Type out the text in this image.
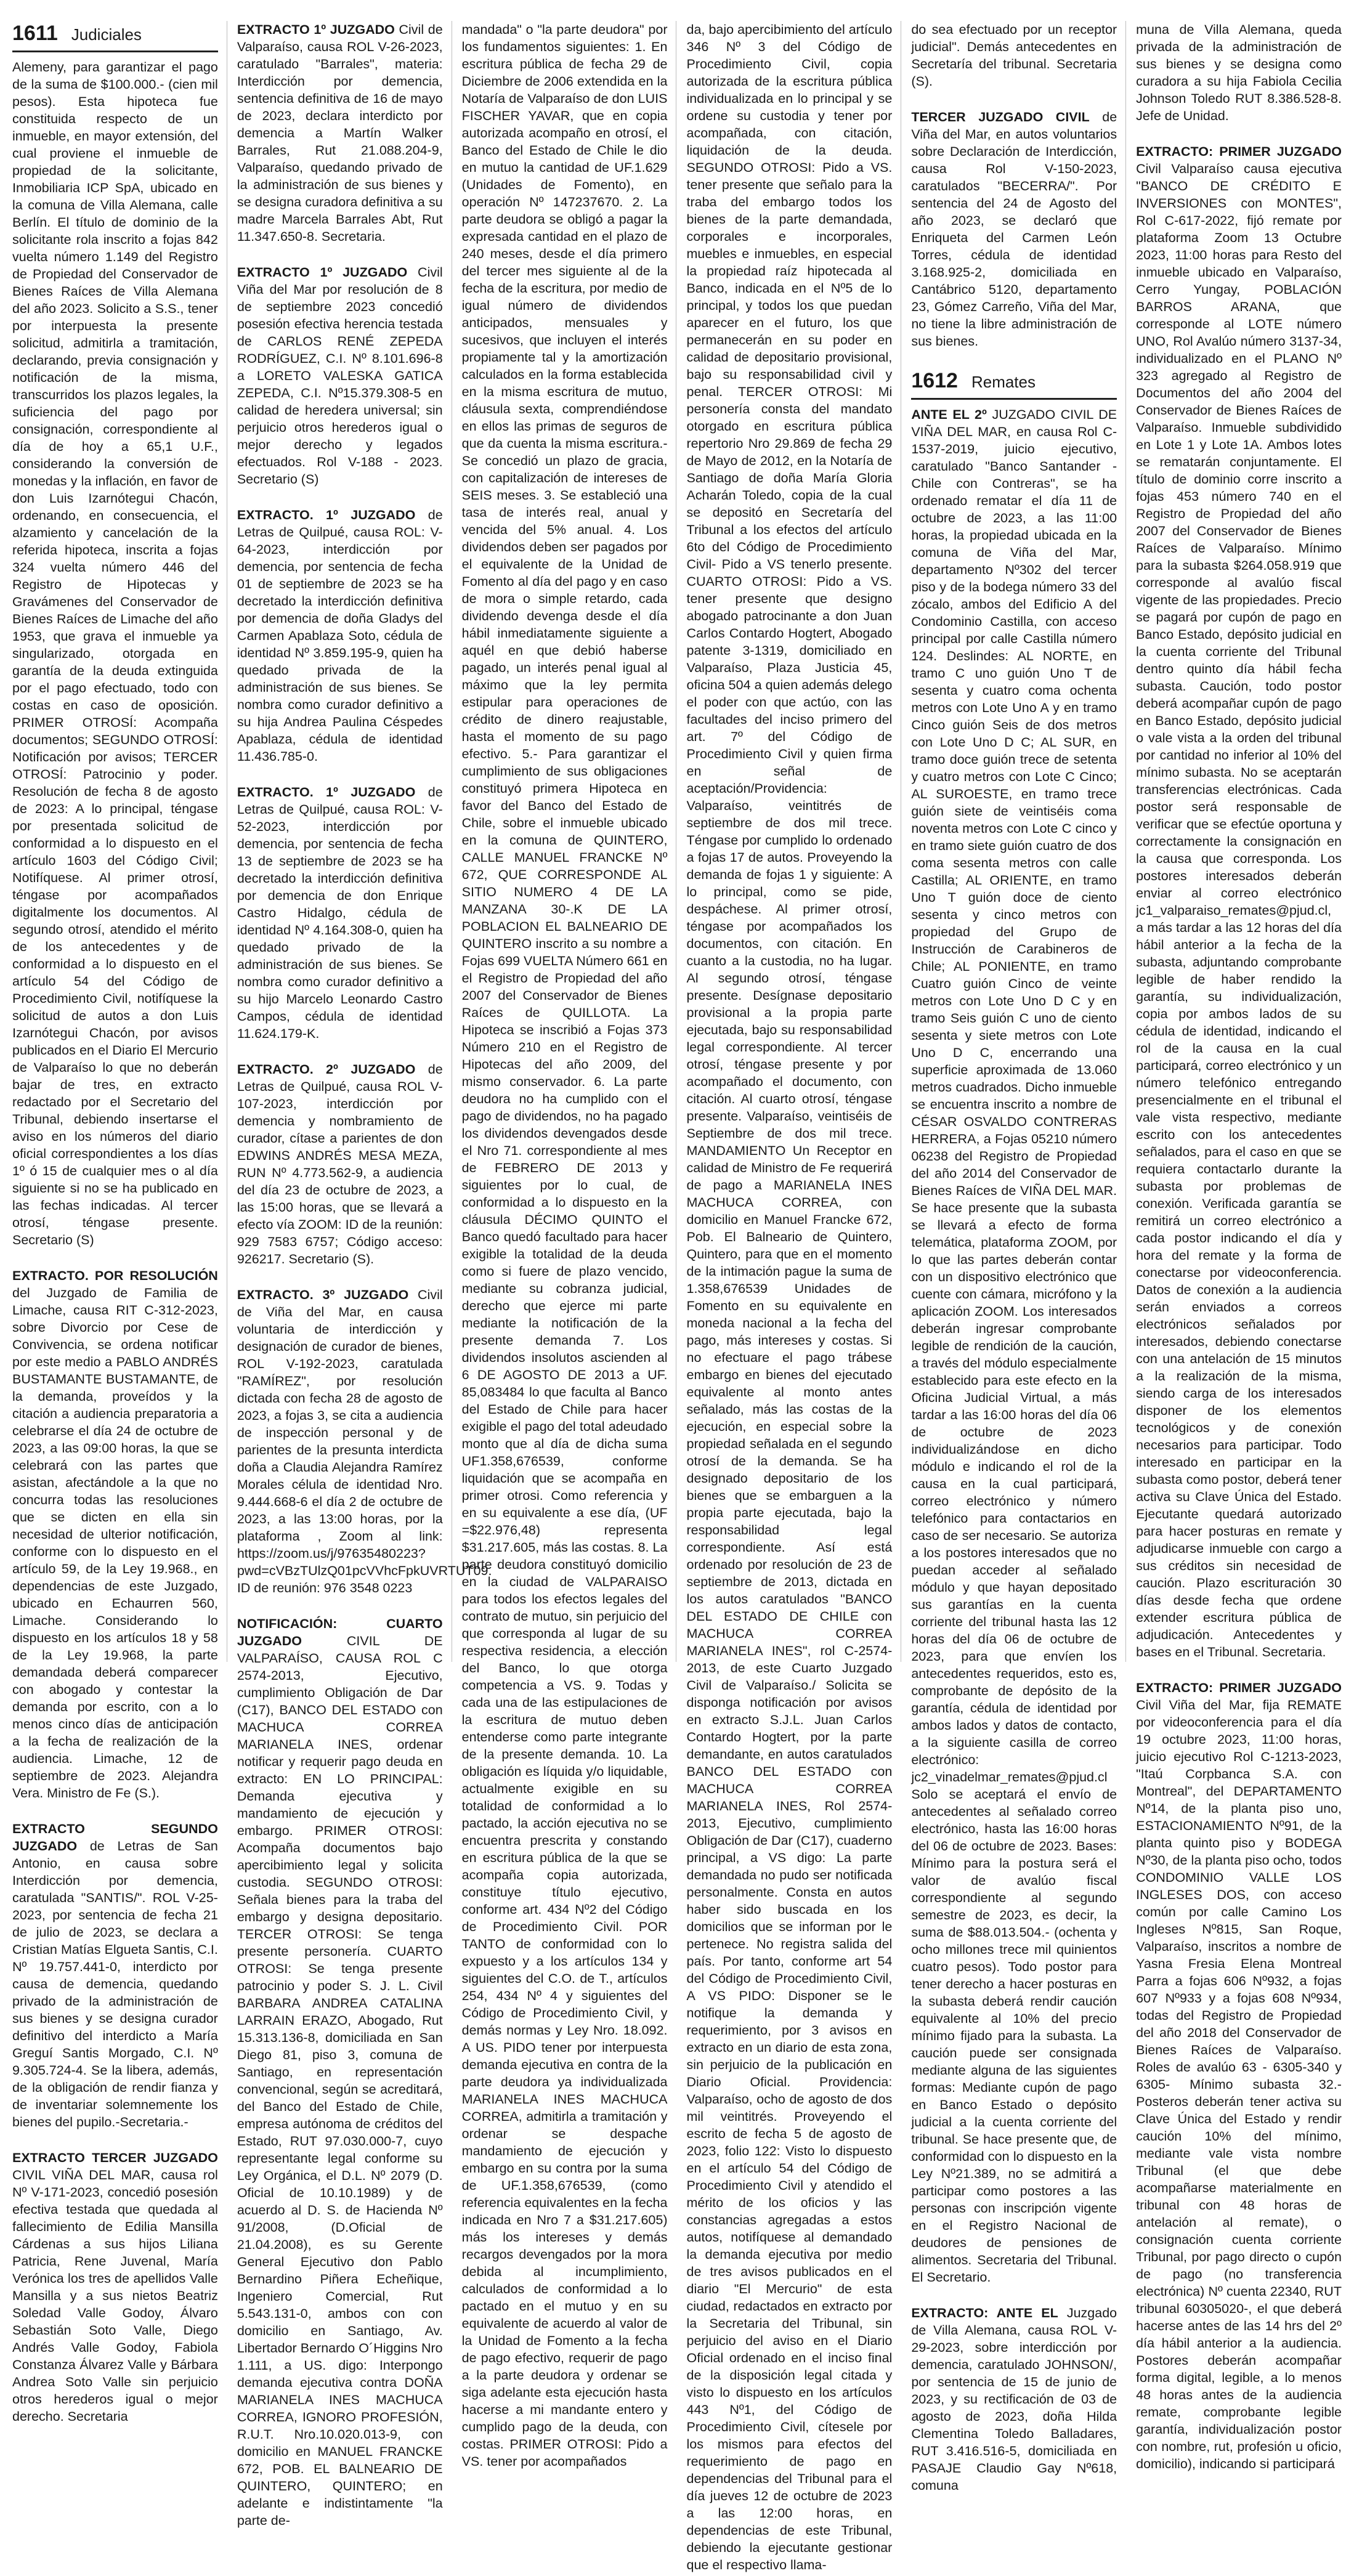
1611 Judiciales

Alemeny, para garantizar el pago de la suma de $100.000.- (cien mil pesos). Esta hipoteca fue constituida respecto de un inmueble, en mayor extensión, del cual proviene el inmueble de propiedad de la solicitante, Inmobiliaria ICP SpA, ubicado en la comuna de Villa Alemana, calle Berlín. El título de dominio de la solicitante rola inscrito a fojas 842 vuelta número 1.149 del Registro de Propiedad del Conservador de Bienes Raíces de Villa Alemana del año 2023. Solicito a S.S., tener por interpuesta la presente solicitud, admitirla a tramitación, declarando, previa consignación y notificación de la misma, transcurridos los plazos legales, la suficiencia del pago por consignación, correspondiente al día de hoy a 65,1 U.F., considerando la conversión de monedas y la inflación, en favor de don Luis Izarnótegui Chacón, ordenando, en consecuencia, el alzamiento y cancelación de la referida hipoteca, inscrita a fojas 324 vuelta número 446 del Registro de Hipotecas y Gravámenes del Conservador de Bienes Raíces de Limache del año 1953, que grava el inmueble ya singularizado, otorgada en garantía de la deuda extinguida por el pago efectuado, todo con costas en caso de oposición. PRIMER OTROSÍ: Acompaña documentos; SEGUNDO OTROSÍ: Notificación por avisos; TERCER OTROSÍ: Patrocinio y poder. Resolución de fecha 8 de agosto de 2023: A lo principal, téngase por presentada solicitud de conformidad a lo dispuesto en el artículo 1603 del Código Civil; Notifíquese. Al primer otrosí, téngase por acompañados digitalmente los documentos. Al segundo otrosí, atendido el mérito de los antecedentes y de conformidad a lo dispuesto en el artículo 54 del Código de Procedimiento Civil, notifíquese la solicitud de autos a don Luis Izarnótegui Chacón, por avisos publicados en el Diario El Mercurio de Valparaíso lo que no deberán bajar de tres, en extracto redactado por el Secretario del Tribunal, debiendo insertarse el aviso en los números del diario oficial correspondientes a los días 1º ó 15 de cualquier mes o al día siguiente si no se ha publicado en las fechas indicadas. Al tercer otrosí, téngase presente. Secretario (S)

EXTRACTO. POR RESOLUCIÓN del Juzgado de Familia de Limache, causa RIT C-312-2023, sobre Divorcio por Cese de Convivencia, se ordena notificar por este medio a PABLO ANDRÉS BUSTAMANTE BUSTAMANTE, de la demanda, proveídos y la citación a audiencia preparatoria a celebrarse el día 24 de octubre de 2023, a las 09:00 horas, la que se celebrará con las partes que asistan, afectándole a la que no concurra todas las resoluciones que se dicten en ella sin necesidad de ulterior notificación, conforme con lo dispuesto en el artículo 59, de la Ley 19.968., en dependencias de este Juzgado, ubicado en Echaurren 560, Limache. Considerando lo dispuesto en los artículos 18 y 58 de la Ley 19.968, la parte demandada deberá comparecer con abogado y contestar la demanda por escrito, con a lo menos cinco días de anticipación a la fecha de realización de la audiencia. Limache, 12 de septiembre de 2023. Alejandra Vera. Ministro de Fe (S.).

EXTRACTO SEGUNDO JUZGADO de Letras de San Antonio, en causa sobre Interdicción por demencia, caratulada "SANTIS/". ROL V-25-2023, por sentencia de fecha 21 de julio de 2023, se declara a Cristian Matías Elgueta Santis, C.I. Nº 19.757.441-0, interdicto por causa de demencia, quedando privado de la administración de sus bienes y se designa curador definitivo del interdicto a María Greguí Santis Morgado, C.I. Nº 9.305.724-4. Se la libera, además, de la obligación de rendir fianza y de inventariar solemnemente los bienes del pupilo.-Secretaria.-

EXTRACTO TERCER JUZGADO CIVIL VIÑA DEL MAR, causa rol Nº V-171-2023, concedió posesión efectiva testada que quedada al fallecimiento de Edilia Mansilla Cárdenas a sus hijos Liliana Patricia, Rene Juvenal, María Verónica los tres de apellidos Valle Mansilla y a sus nietos Beatriz Soledad Valle Godoy, Álvaro Sebastián Soto Valle, Diego Andrés Valle Godoy, Fabiola Constanza Álvarez Valle y Bárbara Andrea Soto Valle sin perjuicio otros herederos igual o mejor derecho. Secretaria

EXTRACTO 1º JUZGADO Civil de Valparaíso, causa ROL V-26-2023, caratulado "Barrales", materia: Interdicción por demencia, sentencia definitiva de 16 de mayo de 2023, declara interdicto por demencia a Martín Walker Barrales, Rut 21.088.204-9, Valparaíso, quedando privado de la administración de sus bienes y se designa curadora definitiva a su madre Marcela Barrales Abt, Rut 11.347.650-8. Secretaria.

EXTRACTO 1º JUZGADO Civil Viña del Mar por resolución de 8 de septiembre 2023 concedió posesión efectiva herencia testada de CARLOS RENÉ ZEPEDA RODRÍGUEZ, C.I. Nº 8.101.696-8 a LORETO VALESKA GATICA ZEPEDA, C.I. Nº15.379.308-5 en calidad de heredera universal; sin perjuicio otros herederos igual o mejor derecho y legados efectuados. Rol V-188 - 2023. Secretario (S)

EXTRACTO. 1º JUZGADO de Letras de Quilpué, causa ROL: V-64-2023, interdicción por demencia, por sentencia de fecha 01 de septiembre de 2023 se ha decretado la interdicción definitiva por demencia de doña Gladys del Carmen Apablaza Soto, cédula de identidad Nº 3.859.195-9, quien ha quedado privada de la administración de sus bienes. Se nombra como curador definitivo a su hija Andrea Paulina Céspedes Apablaza, cédula de identidad 11.436.785-0.

EXTRACTO. 1º JUZGADO de Letras de Quilpué, causa ROL: V-52-2023, interdicción por demencia, por sentencia de fecha 13 de septiembre de 2023 se ha decretado la interdicción definitiva por demencia de don Enrique Castro Hidalgo, cédula de identidad Nº 4.164.308-0, quien ha quedado privado de la administración de sus bienes. Se nombra como curador definitivo a su hijo Marcelo Leonardo Castro Campos, cédula de identidad 11.624.179-K.

EXTRACTO. 2º JUZGADO de Letras de Quilpué, causa ROL V-107-2023, interdicción por demencia y nombramiento de curador, cítase a parientes de don EDWINS ANDRÉS MESA MEZA, RUN Nº 4.773.562-9, a audiencia del día 23 de octubre de 2023, a las 15:00 horas, que se llevará a efecto vía ZOOM: ID de la reunión: 929 7583 6757; Código acceso: 926217. Secretario (S).

EXTRACTO. 3º JUZGADO Civil de Viña del Mar, en causa voluntaria de interdicción y designación de curador de bienes, ROL V-192-2023, caratulada "RAMÍREZ", por resolución dictada con fecha 28 de agosto de 2023, a fojas 3, se cita a audiencia de inspección personal y de parientes de la presunta interdicta doña a Claudia Alejandra Ramírez Morales célula de identidad Nro. 9.444.668-6 el día 2 de octubre de 2023, a las 13:00 horas, por la plataforma , Zoom al link: https://zoom.us/j/97635480223?pwd=cVBzTUlzQ01pcVVhcFpkUVRTUT09. ID de reunión: 976 3548 0223

NOTIFICACIÓN: CUARTO JUZGADO CIVIL DE VALPARAÍSO, CAUSA ROL C 2574-2013, Ejecutivo, cumplimiento Obligación de Dar (C17), BANCO DEL ESTADO con MACHUCA CORREA MARIANELA INES, ordenar notificar y requerir pago deuda en extracto: EN LO PRINCIPAL: Demanda ejecutiva y mandamiento de ejecución y embargo. PRIMER OTROSI: Acompaña documentos bajo apercibimiento legal y solicita custodia. SEGUNDO OTROSI: Señala bienes para la traba del embargo y designa depositario. TERCER OTROSI: Se tenga presente personería. CUARTO OTROSI: Se tenga presente patrocinio y poder S. J. L. Civil BARBARA ANDREA CATALINA LARRAIN ERAZO, Abogado, Rut 15.313.136-8, domiciliada en San Diego 81, piso 3, comuna de Santiago, en representación convencional, según se acreditará, del Banco del Estado de Chile, empresa autónoma de créditos del Estado, RUT 97.030.000-7, cuyo representante legal conforme su Ley Orgánica, el D.L. Nº 2079 (D. Oficial de 10.10.1989) y de acuerdo al D. S. de Hacienda Nº 91/2008, (D.Oficial de 21.04.2008), es su Gerente General Ejecutivo don Pablo Bernardino Piñera Echeñique, Ingeniero Comercial, Rut 5.543.131-0, ambos con con domicilio en Santiago, Av. Libertador Bernardo O´Higgins Nro 1.111, a US. digo: Interpongo demanda ejecutiva contra DOÑA MARIANELA INES MACHUCA CORREA, IGNORO PROFESIÓN, R.U.T. Nro.10.020.013-9, con domicilio en MANUEL FRANCKE 672, POB. EL BALNEARIO DE QUINTERO, QUINTERO; en adelante e indistintamente "la parte de-

mandada" o "la parte deudora" por los fundamentos siguientes: 1. En escritura pública de fecha 29 de Diciembre de 2006 extendida en la Notaría de Valparaíso de don LUIS FISCHER YAVAR, que en copia autorizada acompaño en otrosí, el Banco del Estado de Chile le dio en mutuo la cantidad de UF.1.629 (Unidades de Fomento), en operación Nº 147237670. 2. La parte deudora se obligó a pagar la expresada cantidad en el plazo de 240 meses, desde el día primero del tercer mes siguiente al de la fecha de la escritura, por medio de igual número de dividendos anticipados, mensuales y sucesivos, que incluyen el interés propiamente tal y la amortización calculados en la forma establecida en la misma escritura de mutuo, cláusula sexta, comprendiéndose en ellos las primas de seguros de que da cuenta la misma escritura.- Se concedió un plazo de gracia, con capitalización de intereses de SEIS meses. 3. Se estableció una tasa de interés real, anual y vencida del 5% anual. 4. Los dividendos deben ser pagados por el equivalente de la Unidad de Fomento al día del pago y en caso de mora o simple retardo, cada dividendo devenga desde el día hábil inmediatamente siguiente a aquél en que debió haberse pagado, un interés penal igual al máximo que la ley permita estipular para operaciones de crédito de dinero reajustable, hasta el momento de su pago efectivo. 5.- Para garantizar el cumplimiento de sus obligaciones constituyó primera Hipoteca en favor del Banco del Estado de Chile, sobre el inmueble ubicado en la comuna de QUINTERO, CALLE MANUEL FRANCKE Nº 672, QUE CORRESPONDE AL SITIO NUMERO 4 DE LA MANZANA 30-.K DE LA POBLACION EL BALNEARIO DE QUINTERO inscrito a su nombre a Fojas 699 VUELTA Número 661 en el Registro de Propiedad del año 2007 del Conservador de Bienes Raíces de QUILLOTA. La Hipoteca se inscribió a Fojas 373 Número 210 en el Registro de Hipotecas del año 2009, del mismo conservador. 6. La parte deudora no ha cumplido con el pago de dividendos, no ha pagado los dividendos devengados desde el Nro 71. correspondiente al mes de FEBRERO DE 2013 y siguientes por lo cual, de conformidad a lo dispuesto en la cláusula DÉCIMO QUINTO el Banco quedó facultado para hacer exigible la totalidad de la deuda como si fuere de plazo vencido, mediante su cobranza judicial, derecho que ejerce mi parte mediante la notificación de la presente demanda 7. Los dividendos insolutos ascienden al 6 DE AGOSTO DE 2013 a UF. 85,083484 lo que faculta al Banco del Estado de Chile para hacer exigible el pago del total adeudado monto que al día de dicha suma UF1.358,676539, conforme liquidación que se acompaña en primer otrosi. Como referencia y en su equivalente a ese día, (UF =$22.976,48) representa $31.217.605, más las costas. 8. La parte deudora constituyó domicilio en la ciudad de VALPARAISO para todos los efectos legales del contrato de mutuo, sin perjuicio del que corresponda al lugar de su respectiva residencia, a elección del Banco, lo que otorga competencia a VS. 9. Todas y cada una de las estipulaciones de la escritura de mutuo deben entenderse como parte integrante de la presente demanda. 10. La obligación es líquida y/o liquidable, actualmente exigible en su totalidad de conformidad a lo pactado, la acción ejecutiva no se encuentra prescrita y constando en escritura pública de la que se acompaña copia autorizada, constituye título ejecutivo, conforme art. 434 Nº2 del Código de Procedimiento Civil. POR TANTO de conformidad con lo expuesto y a los artículos 134 y siguientes del C.O. de T., artículos 254, 434 Nº 4 y siguientes del Código de Procedimiento Civil, y demás normas y Ley Nro. 18.092. A US. PIDO tener por interpuesta demanda ejecutiva en contra de la parte deudora ya individualizada MARIANELA INES MACHUCA CORREA, admitirla a tramitación y ordenar se despache mandamiento de ejecución y embargo en su contra por la suma de UF.1.358,676539, (como referencia equivalentes en la fecha indicada en Nro 7 a $31.217.605) más los intereses y demás recargos devengados por la mora debida al incumplimiento, calculados de conformidad a lo pactado en el mutuo y en su equivalente de acuerdo al valor de la Unidad de Fomento a la fecha de pago efectivo, requerir de pago a la parte deudora y ordenar se siga adelante esta ejecución hasta hacerse a mi mandante entero y cumplido pago de la deuda, con costas. PRIMER OTROSI: Pido a VS. tener por acompañados

da, bajo apercibimiento del artículo 346 Nº 3 del Código de Procedimiento Civil, copia autorizada de la escritura pública individualizada en lo principal y se ordene su custodia y tener por acompañada, con citación, liquidación de la deuda. SEGUNDO OTROSI: Pido a VS. tener presente que señalo para la traba del embargo todos los bienes de la parte demandada, corporales e incorporales, muebles e inmuebles, en especial la propiedad raíz hipotecada al Banco, indicada en el Nº5 de lo principal, y todos los que puedan aparecer en el futuro, los que permanecerán en su poder en calidad de depositario provisional, bajo su responsabilidad civil y penal. TERCER OTROSI: Mi personería consta del mandato otorgado en escritura pública repertorio Nro 29.869 de fecha 29 de Mayo de 2012, en la Notaría de Santiago de doña María Gloria Acharán Toledo, copia de la cual se depositó en Secretaría del Tribunal a los efectos del artículo 6to del Código de Procedimiento Civil- Pido a VS tenerlo presente. CUARTO OTROSI: Pido a VS. tener presente que designo abogado patrocinante a don Juan Carlos Contardo Hogtert, Abogado patente 3-1319, domiciliado en Valparaíso, Plaza Justicia 45, oficina 504 a quien además delego el poder con que actúo, con las facultades del inciso primero del art. 7º del Código de Procedimiento Civil y quien firma en señal de aceptación/Providencia: Valparaíso, veintitrés de septiembre de dos mil trece. Téngase por cumplido lo ordenado a fojas 17 de autos. Proveyendo la demanda de fojas 1 y siguiente: A lo principal, como se pide, despáchese. Al primer otrosí, téngase por acompañados los documentos, con citación. En cuanto a la custodia, no ha lugar. Al segundo otrosí, téngase presente. Desígnase depositario provisional a la propia parte ejecutada, bajo su responsabilidad legal correspondiente. Al tercer otrosí, téngase presente y por acompañado el documento, con citación. Al cuarto otrosí, téngase presente. Valparaíso, veintiséis de Septiembre de dos mil trece. MANDAMIENTO Un Receptor en calidad de Ministro de Fe requerirá de pago a MARIANELA INES MACHUCA CORREA, con domicilio en Manuel Francke 672, Pob. El Balneario de Quintero, Quintero, para que en el momento de la intimación pague la suma de 1.358,676539 Unidades de Fomento en su equivalente en moneda nacional a la fecha del pago, más intereses y costas. Si no efectuare el pago trábese embargo en bienes del ejecutado equivalente al monto antes señalado, más las costas de la ejecución, en especial sobre la propiedad señalada en el segundo otrosí de la demanda. Se ha designado depositario de los bienes que se embarguen a la propia parte ejecutada, bajo la responsabilidad legal correspondiente. Así está ordenado por resolución de 23 de septiembre de 2013, dictada en los autos caratulados "BANCO DEL ESTADO DE CHILE con MACHUCA CORREA MARIANELA INES", rol C-2574-2013, de este Cuarto Juzgado Civil de Valparaíso./ Solicita se disponga notificación por avisos en extracto S.J.L. Juan Carlos Contardo Hogtert, por la parte demandante, en autos caratulados BANCO DEL ESTADO con MACHUCA CORREA MARIANELA INES, Rol 2574-2013, Ejecutivo, cumplimiento Obligación de Dar (C17), cuaderno principal, a VS digo: La parte demandada no pudo ser notificada personalmente. Consta en autos haber sido buscada en los domicilios que se informan por le pertenece. No registra salida del país. Por tanto, conforme art 54 del Código de Procedimiento Civil, A VS PIDO: Disponer se le notifique la demanda y requerimiento, por 3 avisos en extracto en un diario de esta zona, sin perjuicio de la publicación en Diario Oficial. Providencia: Valparaíso, ocho de agosto de dos mil veintitrés. Proveyendo el escrito de fecha 5 de agosto de 2023, folio 122: Visto lo dispuesto en el artículo 54 del Código de Procedimiento Civil y atendido el mérito de los oficios y las constancias agregadas a estos autos, notifíquese al demandado la demanda ejecutiva por medio de tres avisos publicados en el diario "El Mercurio" de esta ciudad, redactados en extracto por la Secretaria del Tribunal, sin perjuicio del aviso en el Diario Oficial ordenado en el inciso final de la disposición legal citada y visto lo dispuesto en los artículos 443 Nº1, del Código de Procedimiento Civil, cítesele por los mismos para efectos del requerimiento de pago en dependencias del Tribunal para el día jueves 12 de octubre de 2023 a las 12:00 horas, en dependencias de este Tribunal, debiendo la ejecutante gestionar que el respectivo llama-

do sea efectuado por un receptor judicial". Demás antecedentes en Secretaría del tribunal. Secretaria (S).

TERCER JUZGADO CIVIL de Viña del Mar, en autos voluntarios sobre Declaración de Interdicción, causa Rol V-150-2023, caratulados "BECERRA/". Por sentencia del 24 de Agosto del año 2023, se declaró que Enriqueta del Carmen León Torres, cédula de identidad 3.168.925-2, domiciliada en Cantábrico 5120, departamento 23, Gómez Carreño, Viña del Mar, no tiene la libre administración de sus bienes.

1612 Remates

ANTE EL 2º JUZGADO CIVIL DE VIÑA DEL MAR, en causa Rol C-1537-2019, juicio ejecutivo, caratulado "Banco Santander - Chile con Contreras", se ha ordenado rematar el día 11 de octubre de 2023, a las 11:00 horas, la propiedad ubicada en la comuna de Viña del Mar, departamento Nº302 del tercer piso y de la bodega número 33 del zócalo, ambos del Edificio A del Condominio Castilla, con acceso principal por calle Castilla número 124. Deslindes: AL NORTE, en tramo C uno guión Uno T de sesenta y cuatro coma ochenta metros con Lote Uno A y en tramo Cinco guión Seis de dos metros con Lote Uno D C; AL SUR, en tramo doce guión trece de setenta y cuatro metros con Lote C Cinco; AL SUROESTE, en tramo trece guión siete de veintiséis coma noventa metros con Lote C cinco y en tramo siete guión cuatro de dos coma sesenta metros con calle Castilla; AL ORIENTE, en tramo Uno T guión doce de ciento sesenta y cinco metros con propiedad del Grupo de Instrucción de Carabineros de Chile; AL PONIENTE, en tramo Cuatro guión Cinco de veinte metros con Lote Uno D C y en tramo Seis guión C uno de ciento sesenta y siete metros con Lote Uno D C, encerrando una superficie aproximada de 13.060 metros cuadrados. Dicho inmueble se encuentra inscrito a nombre de CÉSAR OSVALDO CONTRERAS HERRERA, a Fojas 05210 número 06238 del Registro de Propiedad del año 2014 del Conservador de Bienes Raíces de VIÑA DEL MAR. Se hace presente que la subasta se llevará a efecto de forma telemática, plataforma ZOOM, por lo que las partes deberán contar con un dispositivo electrónico que cuente con cámara, micrófono y la aplicación ZOOM. Los interesados deberán ingresar comprobante legible de rendición de la caución, a través del módulo especialmente establecido para este efecto en la Oficina Judicial Virtual, a más tardar a las 16:00 horas del día 06 de octubre de 2023 individualizándose en dicho módulo e indicando el rol de la causa en la cual participará, correo electrónico y número telefónico para contactarios en caso de ser necesario. Se autoriza a los postores interesados que no puedan acceder al señalado módulo y que hayan depositado sus garantías en la cuenta corriente del tribunal hasta las 12 horas del día 06 de octubre de 2023, para que envíen los antecedentes requeridos, esto es, comprobante de depósito de la garantía, cédula de identidad por ambos lados y datos de contacto, a la siguiente casilla de correo electrónico: jc2_vinadelmar_remates@pjud.cl Solo se aceptará el envío de antecedentes al señalado correo electrónico, hasta las 16:00 horas del 06 de octubre de 2023. Bases: Mínimo para la postura será el valor de avalúo fiscal correspondiente al segundo semestre de 2023, es decir, la suma de $88.013.504.- (ochenta y ocho millones trece mil quinientos cuatro pesos). Todo postor para tener derecho a hacer posturas en la subasta deberá rendir caución equivalente al 10% del precio mínimo fijado para la subasta. La caución puede ser consignada mediante alguna de las siguientes formas: Mediante cupón de pago en Banco Estado o depósito judicial a la cuenta corriente del tribunal. Se hace presente que, de conformidad con lo dispuesto en la Ley Nº21.389, no se admitirá a participar como postores a las personas con inscripción vigente en el Registro Nacional de deudores de pensiones de alimentos. Secretaria del Tribunal. El Secretario.

EXTRACTO: ANTE EL Juzgado de Villa Alemana, causa ROL V-29-2023, sobre interdicción por demencia, caratulado JOHNSON/, por sentencia de 15 de junio de 2023, y su rectificación de 03 de agosto de 2023, doña Hilda Clementina Toledo Balladares, RUT 3.416.516-5, domiciliada en PASAJE Claudio Gay Nº618, comuna

muna de Villa Alemana, queda privada de la administración de sus bienes y se designa como curadora a su hija Fabiola Cecilia Johnson Toledo RUT 8.386.528-8. Jefe de Unidad.

EXTRACTO: PRIMER JUZGADO Civil Valparaíso causa ejecutiva "BANCO DE CRÉDITO E INVERSIONES con MONTES", Rol C-617-2022, fijó remate por plataforma Zoom 13 Octubre 2023, 11:00 horas para Resto del inmueble ubicado en Valparaíso, Cerro Yungay, POBLACIÓN BARROS ARANA, que corresponde al LOTE número UNO, Rol Avalúo número 3137-34, individualizado en el PLANO Nº 323 agregado al Registro de Documentos del año 2004 del Conservador de Bienes Raíces de Valparaíso. Inmueble subdividido en Lote 1 y Lote 1A. Ambos lotes se rematarán conjuntamente. El título de dominio corre inscrito a fojas 453 número 740 en el Registro de Propiedad del año 2007 del Conservador de Bienes Raíces de Valparaíso. Mínimo para la subasta $264.058.919 que corresponde al avalúo fiscal vigente de las propiedades. Precio se pagará por cupón de pago en Banco Estado, depósito judicial en la cuenta corriente del Tribunal dentro quinto día hábil fecha subasta. Caución, todo postor deberá acompañar cupón de pago en Banco Estado, depósito judicial o vale vista a la orden del tribunal por cantidad no inferior al 10% del mínimo subasta. No se aceptarán transferencias electrónicas. Cada postor será responsable de verificar que se efectúe oportuna y correctamente la consignación en la causa que corresponda. Los postores interesados deberán enviar al correo electrónico jc1_valparaiso_remates@pjud.cl, a más tardar a las 12 horas del día hábil anterior a la fecha de la subasta, adjuntando comprobante legible de haber rendido la garantía, su individualización, copia por ambos lados de su cédula de identidad, indicando el rol de la causa en la cual participará, correo electrónico y un número telefónico entregando presencialmente en el tribunal el vale vista respectivo, mediante escrito con los antecedentes señalados, para el caso en que se requiera contactarlo durante la subasta por problemas de conexión. Verificada garantía se remitirá un correo electrónico a cada postor indicando el día y hora del remate y la forma de conectarse por videoconferencia. Datos de conexión a la audiencia serán enviados a correos electrónicos señalados por interesados, debiendo conectarse con una antelación de 15 minutos a la realización de la misma, siendo carga de los interesados disponer de los elementos tecnológicos y de conexión necesarios para participar. Todo interesado en participar en la subasta como postor, deberá tener activa su Clave Única del Estado. Ejecutante quedará autorizado para hacer posturas en remate y adjudicarse inmueble con cargo a sus créditos sin necesidad de caución. Plazo escrituración 30 días desde fecha que ordene extender escritura pública de adjudicación. Antecedentes y bases en el Tribunal. Secretaria.

EXTRACTO: PRIMER JUZGADO Civil Viña del Mar, fija REMATE por videoconferencia para el día 19 octubre 2023, 11:00 horas, juicio ejecutivo Rol C-1213-2023, "Itaú Corpbanca S.A. con Montreal", del DEPARTAMENTO Nº14, de la planta piso uno, ESTACIONAMIENTO Nº91, de la planta quinto piso y BODEGA Nº30, de la planta piso ocho, todos CONDOMINIO VALLE LOS INGLESES DOS, con acceso común por calle Camino Los Ingleses Nº815, San Roque, Valparaíso, inscritos a nombre de Yasna Fresia Elena Montreal Parra a fojas 606 Nº932, a fojas 607 Nº933 y a fojas 608 Nº934, todas del Registro de Propiedad del año 2018 del Conservador de Bienes Raíces de Valparaíso. Roles de avalúo 63 - 6305-340 y 6305- Mínimo subasta 32.- Posteros deberán tener activa su Clave Única del Estado y rendir caución 10% del mínimo, mediante vale vista nombre Tribunal (el que debe acompañarse materialmente en tribunal con 48 horas de antelación al remate), o consignación cuenta corriente Tribunal, por pago directo o cupón de pago (no transferencia electrónica) Nº cuenta 22340, RUT tribunal 60305020-, el que deberá hacerse antes de las 14 hrs del 2º día hábil anterior a la audiencia. Postores deberán acompañar forma digital, legible, a lo menos 48 horas antes de la audiencia remate, comprobante legible garantía, individualización postor con nombre, rut, profesión u oficio, domicilio), indicando si participará
